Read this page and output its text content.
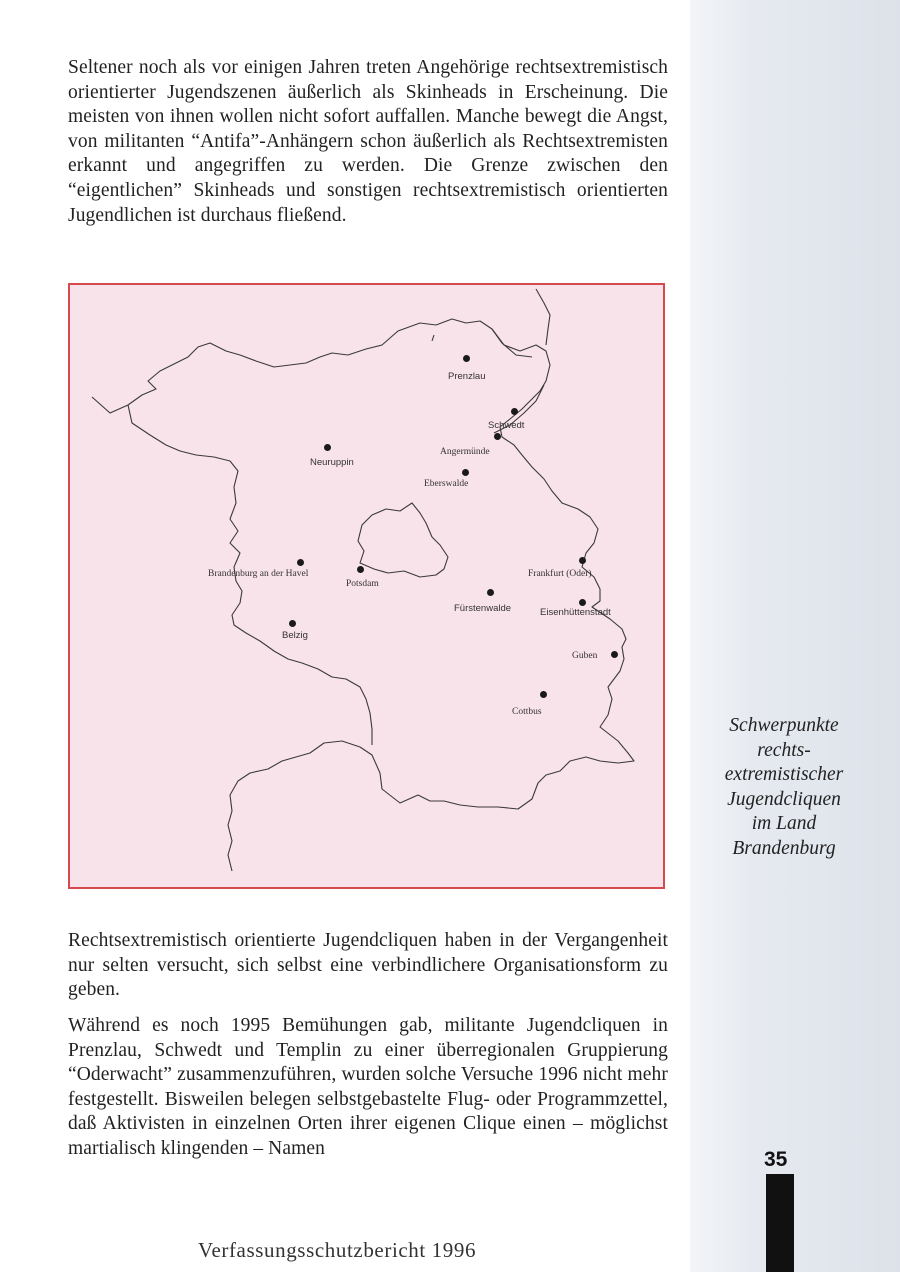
Seltener noch als vor einigen Jahren treten Angehörige rechtsextremistisch orientierter Jugendszenen äußerlich als Skinheads in Erscheinung. Die meisten von ihnen wollen nicht sofort auffallen. Manche bewegt die Angst, von militanten “Antifa”-Anhängern schon äußerlich als Rechtsextremisten erkannt und angegriffen zu werden. Die Grenze zwischen den “eigentlichen” Skinheads und sonstigen rechtsextremistisch orientierten Jugendlichen ist durchaus fließend.

Prenzlau
Schwedt
Angermünde
Eberswalde
Neuruppin
Brandenburg an der Havel
Potsdam
Frankfurt (Oder)
Fürstenwalde	Eisenhüttenstadt
Belzig
Guben
Cottbus
Schwerpunkte
rechts-
extremistischer
Jugendcliquen
im Land
Brandenburg

Rechtsextremistisch orientierte Jugendcliquen haben in der Vergangenheit nur selten versucht, sich selbst eine verbindlichere Organisationsform zu geben.

Während es noch 1995 Bemühungen gab, militante Jugendcliquen in Prenzlau, Schwedt und Templin zu einer überregionalen Gruppierung “Oderwacht” zusammenzuführen, wurden solche Versuche 1996 nicht mehr festgestellt. Bisweilen belegen selbstgebastelte Flug- oder Programmzettel, daß Aktivisten in einzelnen Orten ihrer eigenen Clique einen – möglichst martialisch klingenden – Namen	35
Verfassungsschutzbericht 1996
